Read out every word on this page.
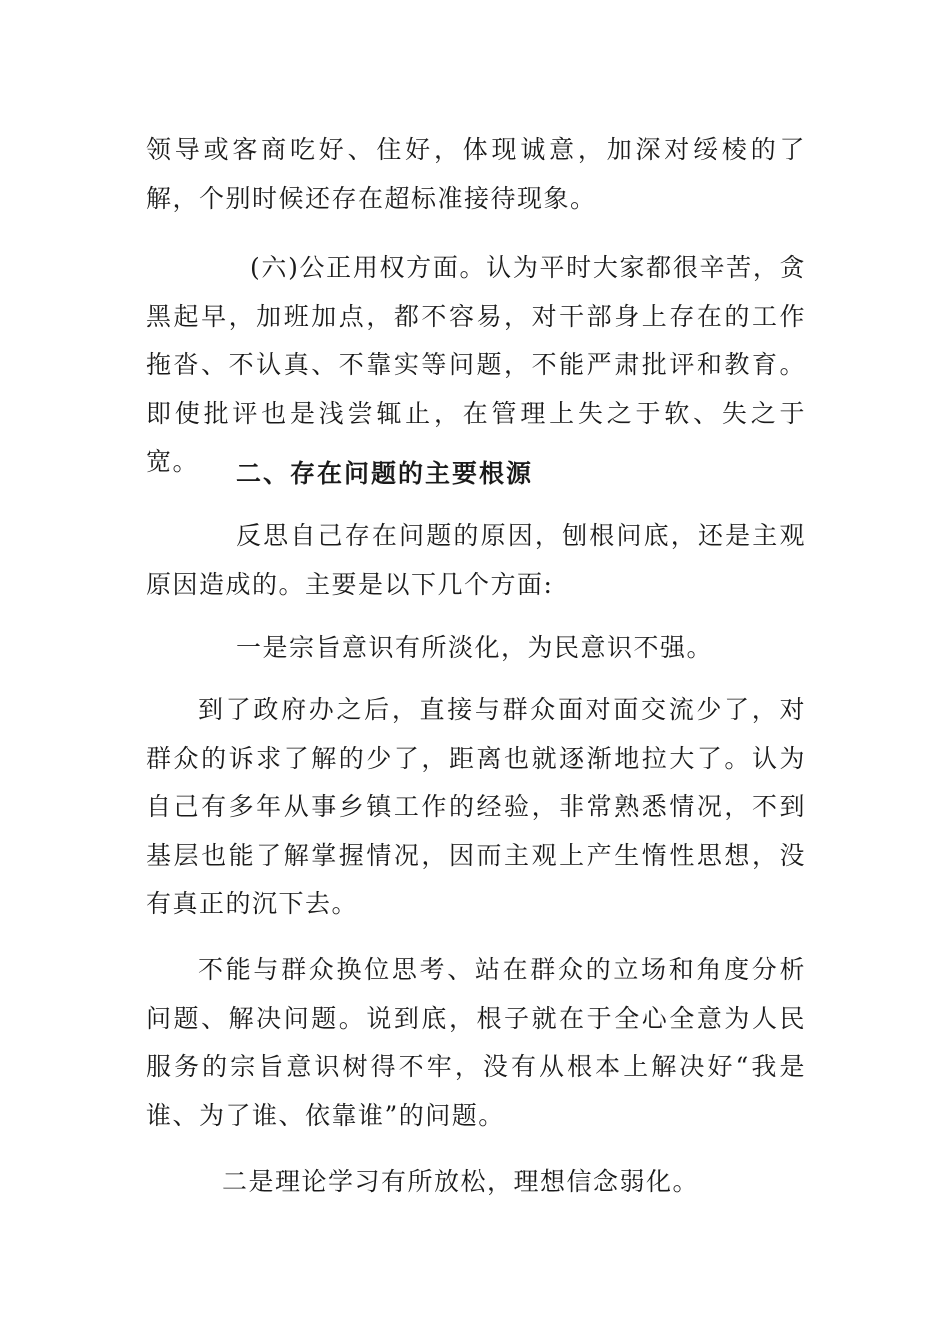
领导或客商吃好、住好，体现诚意，加深对绥棱的了解，个别时候还存在超标准接待现象。

(六)公正用权方面。认为平时大家都很辛苦，贪黑起早，加班加点，都不容易，对干部身上存在的工作拖沓、不认真、不靠实等问题，不能严肃批评和教育。即使批评也是浅尝辄止，在管理上失之于软、失之于宽。	二、存在问题的主要根源

反思自己存在问题的原因，刨根问底，还是主观原因造成的。主要是以下几个方面:

一是宗旨意识有所淡化，为民意识不强。

到了政府办之后，直接与群众面对面交流少了，对群众的诉求了解的少了，距离也就逐渐地拉大了。认为自己有多年从事乡镇工作的经验，非常熟悉情况，不到基层也能了解掌握情况，因而主观上产生惰性思想，没有真正的沉下去。

不能与群众换位思考、站在群众的立场和角度分析问题、解决问题。说到底，根子就在于全心全意为人民服务的宗旨意识树得不牢，没有从根本上解决好“我是谁、为了谁、依靠谁”的问题。

二是理论学习有所放松，理想信念弱化。
